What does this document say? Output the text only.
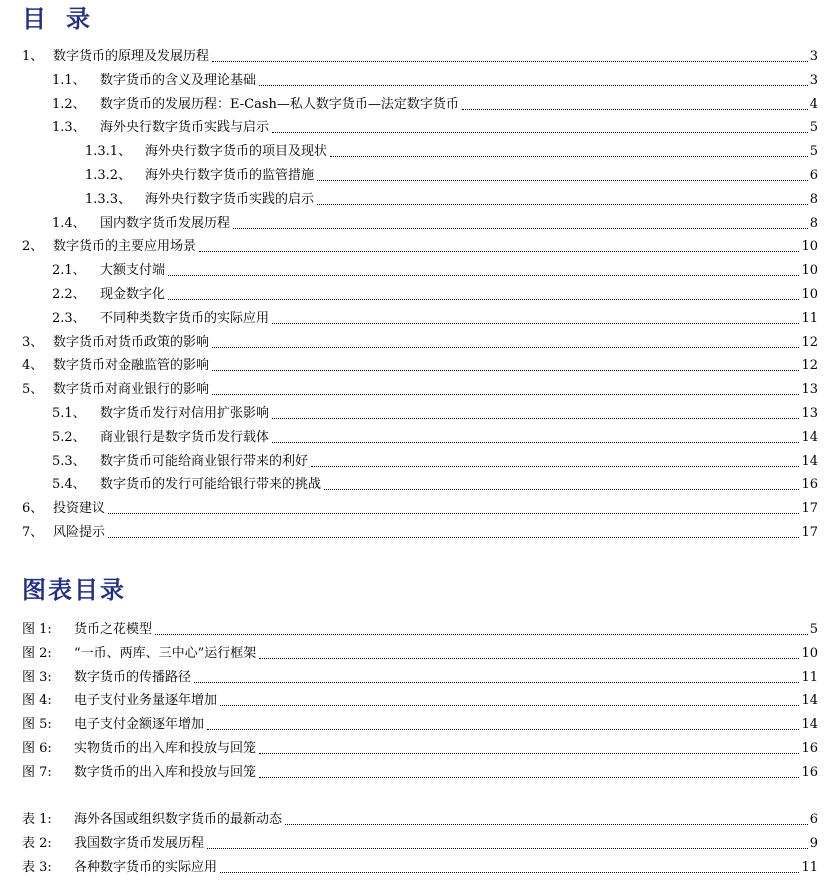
目录
1、 数字货币的原理及发展历程	3
1.1、 数字货币的含义及理论基础	3
1.2、 数字货币的发展历程：E-Cash—私人数字货币—法定数字货币	4
1.3、 海外央行数字货币实践与启示	5
1.3.1、 海外央行数字货币的项目及现状	5
1.3.2、 海外央行数字货币的监管措施	6
1.3.3、 海外央行数字货币实践的启示	8
1.4、 国内数字货币发展历程	8
2、 数字货币的主要应用场景	10
2.1、 大额支付端	10
2.2、 现金数字化	10
2.3、 不同种类数字货币的实际应用	11
3、 数字货币对货币政策的影响	12
4、 数字货币对金融监管的影响	12
5、 数字货币对商业银行的影响	13
5.1、 数字货币发行对信用扩张影响	13
5.2、 商业银行是数字货币发行载体	14
5.3、 数字货币可能给商业银行带来的利好	14
5.4、 数字货币的发行可能给银行带来的挑战	16
6、 投资建议	17
7、 风险提示	17
图表目录
图 1: 货币之花模型	5
图 2: “一币、两库、三中心”运行框架	10
图 3: 数字货币的传播路径	11
图 4: 电子支付业务量逐年增加	14
图 5: 电子支付金额逐年增加	14
图 6: 实物货币的出入库和投放与回笼	16
图 7: 数字货币的出入库和投放与回笼	16
表 1: 海外各国或组织数字货币的最新动态	6
表 2: 我国数字货币发展历程	9
表 3: 各种数字货币的实际应用	11
